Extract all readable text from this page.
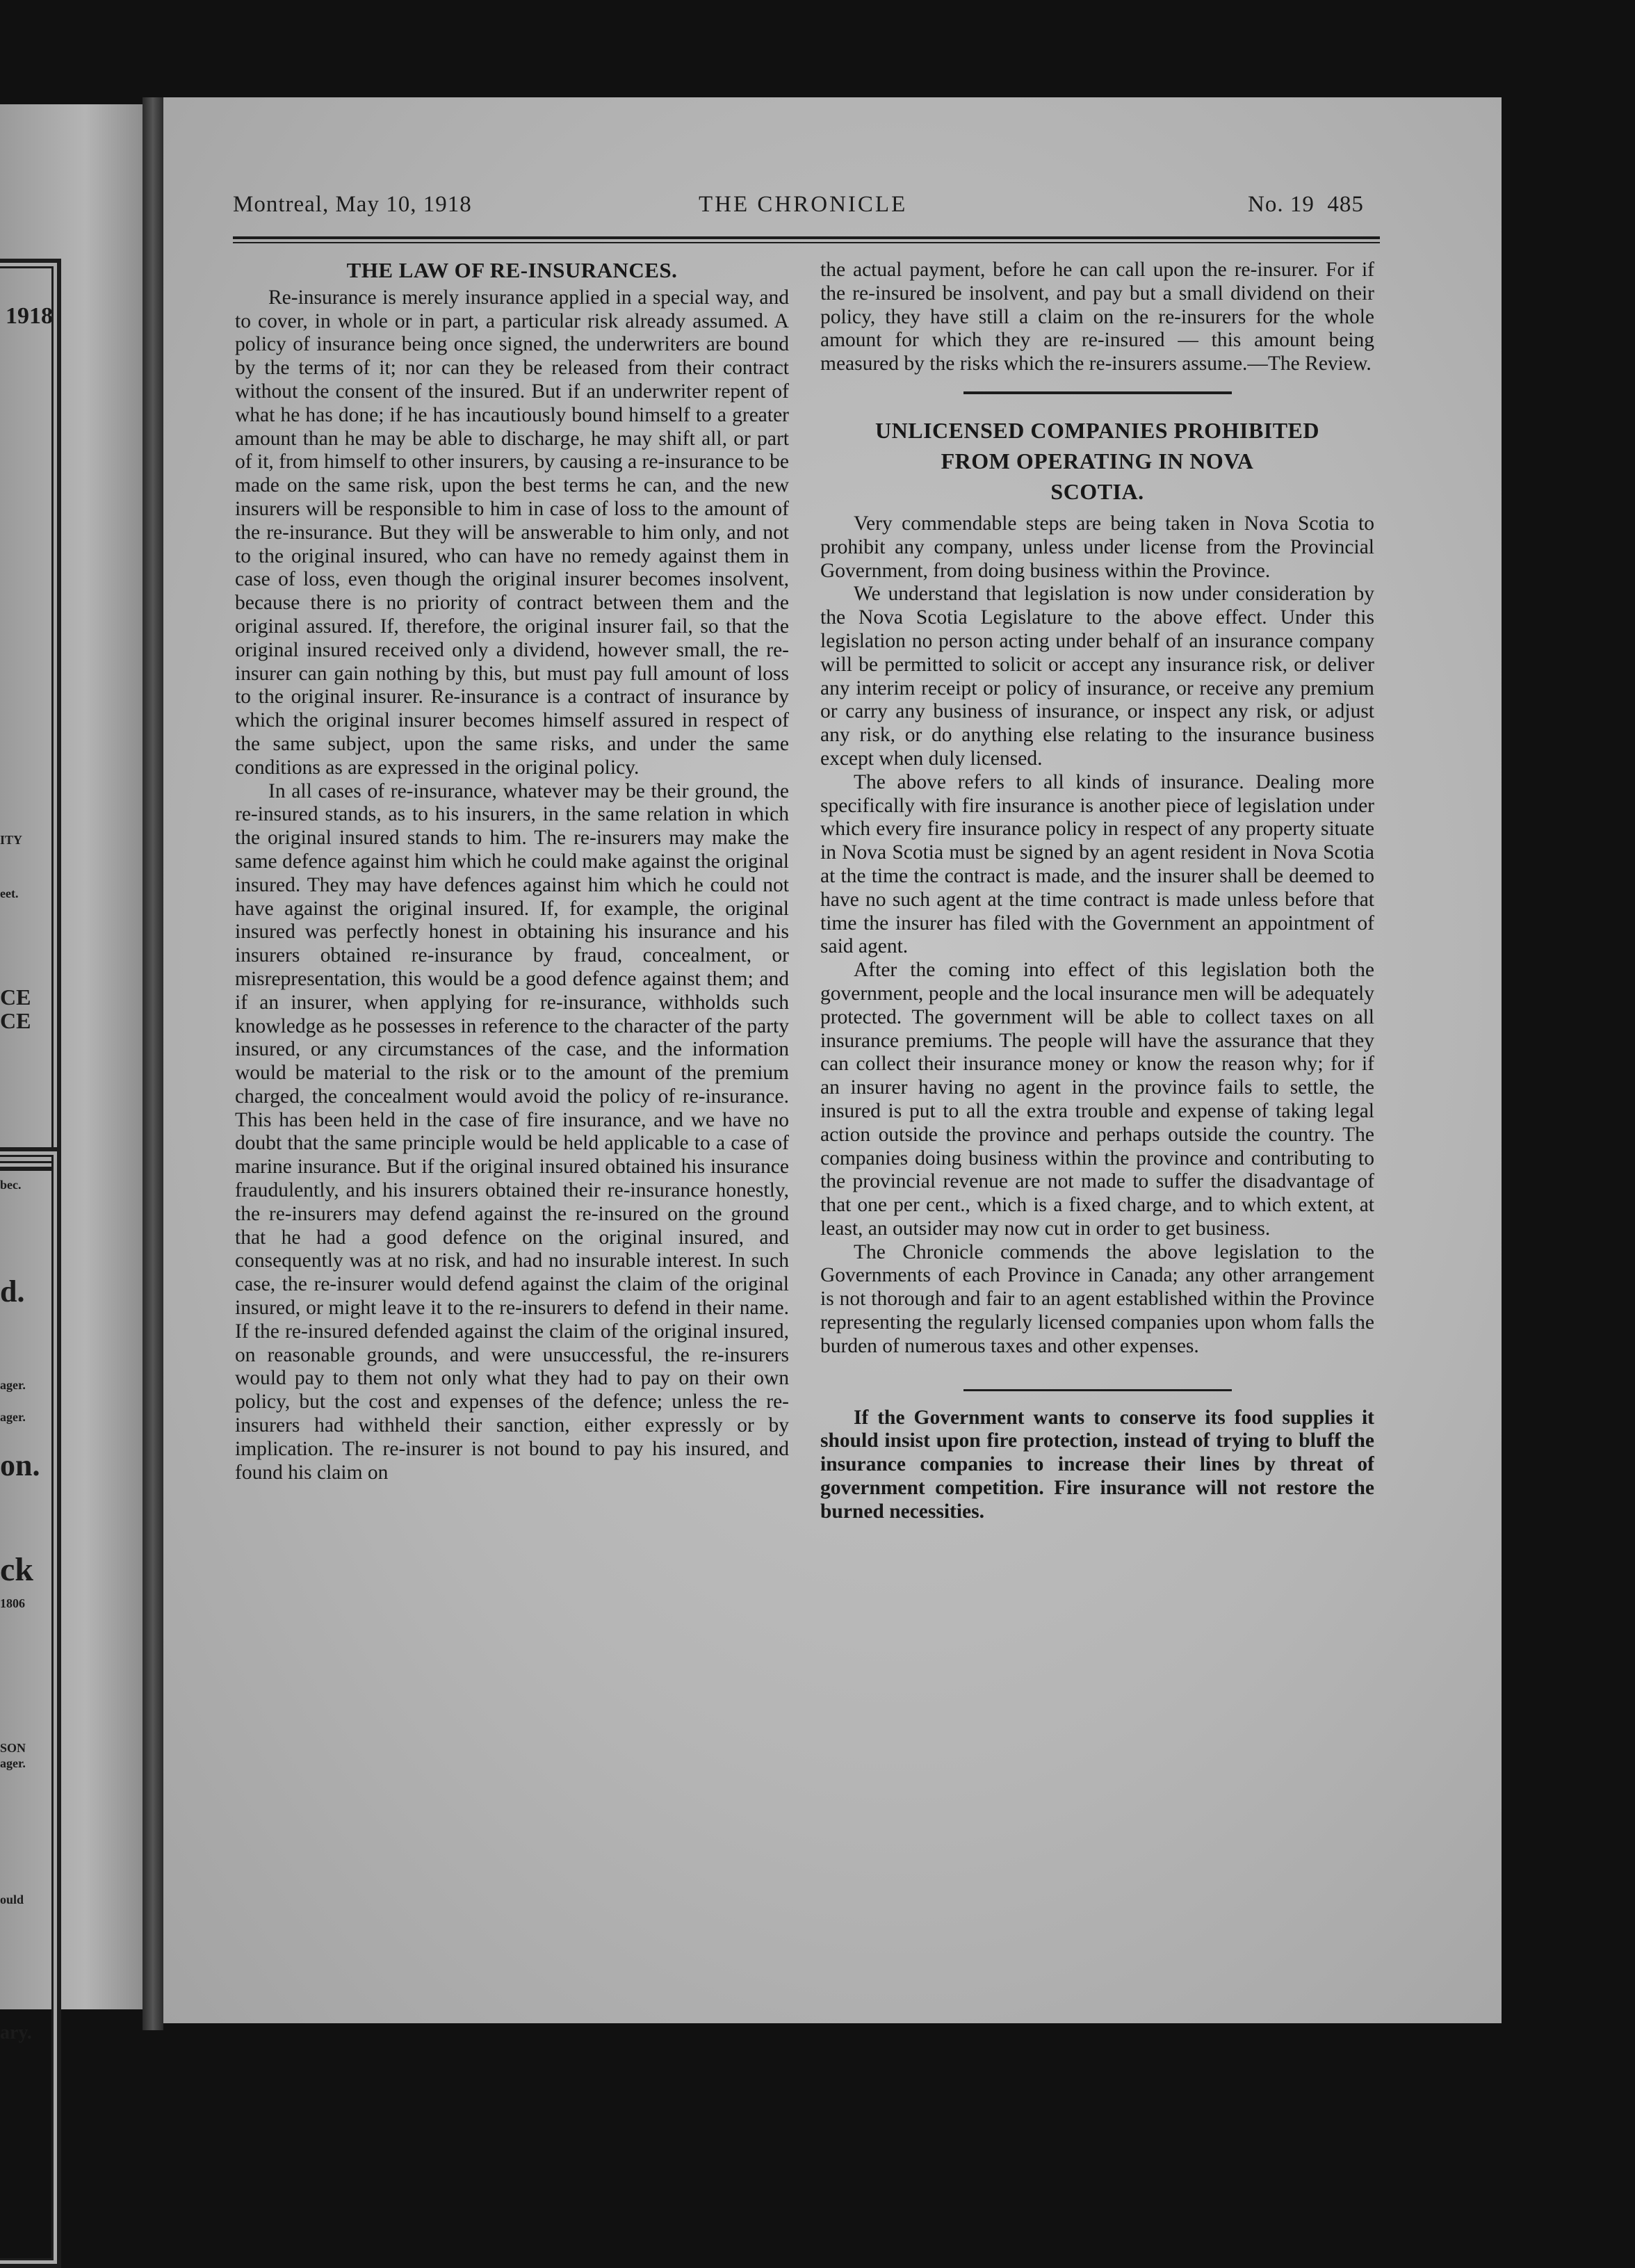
1918
ITY
eet.
CE
CE
bec.
d.
ager.
ager.
on.
ck
1806
SON
ager.
ould
ary.
Montreal, May 10, 1918	THE CHRONICLE	No. 19 485
THE LAW OF RE-INSURANCES.

Re-insurance is merely insurance applied in a special way, and to cover, in whole or in part, a particular risk already assumed. A policy of insurance being once signed, the underwriters are bound by the terms of it; nor can they be released from their contract without the consent of the insured. But if an underwriter repent of what he has done; if he has incautiously bound himself to a greater amount than he may be able to discharge, he may shift all, or part of it, from himself to other insurers, by causing a re-insurance to be made on the same risk, upon the best terms he can, and the new insurers will be responsible to him in case of loss to the amount of the re-insurance. But they will be answerable to him only, and not to the original insured, who can have no remedy against them in case of loss, even though the original insurer becomes insolvent, because there is no priority of contract between them and the original assured. If, therefore, the original insurer fail, so that the original insured received only a dividend, however small, the re-insurer can gain nothing by this, but must pay full amount of loss to the original insurer. Re-insurance is a contract of insurance by which the original insurer becomes himself assured in respect of the same subject, upon the same risks, and under the same conditions as are expressed in the original policy.

In all cases of re-insurance, whatever may be their ground, the re-insured stands, as to his insurers, in the same relation in which the original insured stands to him. The re-insurers may make the same defence against him which he could make against the original insured. They may have defences against him which he could not have against the original insured. If, for example, the original insured was perfectly honest in obtaining his insurance and his insurers obtained re-insurance by fraud, concealment, or misrepresentation, this would be a good defence against them; and if an insurer, when applying for re-insurance, withholds such knowledge as he possesses in reference to the character of the party insured, or any circumstances of the case, and the information would be material to the risk or to the amount of the premium charged, the concealment would avoid the policy of re-insurance. This has been held in the case of fire insurance, and we have no doubt that the same principle would be held applicable to a case of marine insurance. But if the original insured obtained his insurance fraudulently, and his insurers obtained their re-insurance honestly, the re-insurers may defend against the re-insured on the ground that he had a good defence on the original insured, and consequently was at no risk, and had no insurable interest. In such case, the re-insurer would defend against the claim of the original insured, or might leave it to the re-insurers to defend in their name. If the re-insured defended against the claim of the original insured, on reasonable grounds, and were unsuccessful, the re-insurers would pay to them not only what they had to pay on their own policy, but the cost and expenses of the defence; unless the re-insurers had withheld their sanction, either expressly or by implication. The re-insurer is not bound to pay his insured, and found his claim on

the actual payment, before he can call upon the re-insurer. For if the re-insured be insolvent, and pay but a small dividend on their policy, they have still a claim on the re-insurers for the whole amount for which they are re-insured — this amount being measured by the risks which the re-insurers assume.—The Review.

UNLICENSED COMPANIES PROHIBITED
FROM OPERATING IN NOVA
SCOTIA.

Very commendable steps are being taken in Nova Scotia to prohibit any company, unless under license from the Provincial Government, from doing business within the Province.

We understand that legislation is now under consideration by the Nova Scotia Legislature to the above effect. Under this legislation no person acting under behalf of an insurance company will be permitted to solicit or accept any insurance risk, or deliver any interim receipt or policy of insurance, or receive any premium or carry any business of insurance, or inspect any risk, or adjust any risk, or do anything else relating to the insurance business except when duly licensed.

The above refers to all kinds of insurance. Dealing more specifically with fire insurance is another piece of legislation under which every fire insurance policy in respect of any property situate in Nova Scotia must be signed by an agent resident in Nova Scotia at the time the contract is made, and the insurer shall be deemed to have no such agent at the time contract is made unless before that time the insurer has filed with the Government an appointment of said agent.

After the coming into effect of this legislation both the government, people and the local insurance men will be adequately protected. The government will be able to collect taxes on all insurance premiums. The people will have the assurance that they can collect their insurance money or know the reason why; for if an insurer having no agent in the province fails to settle, the insured is put to all the extra trouble and expense of taking legal action outside the province and perhaps outside the country. The companies doing business within the province and contributing to the provincial revenue are not made to suffer the disadvantage of that one per cent., which is a fixed charge, and to which extent, at least, an outsider may now cut in order to get business.

The Chronicle commends the above legislation to the Governments of each Province in Canada; any other arrangement is not thorough and fair to an agent established within the Province representing the regularly licensed companies upon whom falls the burden of numerous taxes and other expenses.

If the Government wants to conserve its food supplies it should insist upon fire protection, instead of trying to bluff the insurance companies to increase their lines by threat of government competition. Fire insurance will not restore the burned necessities.
